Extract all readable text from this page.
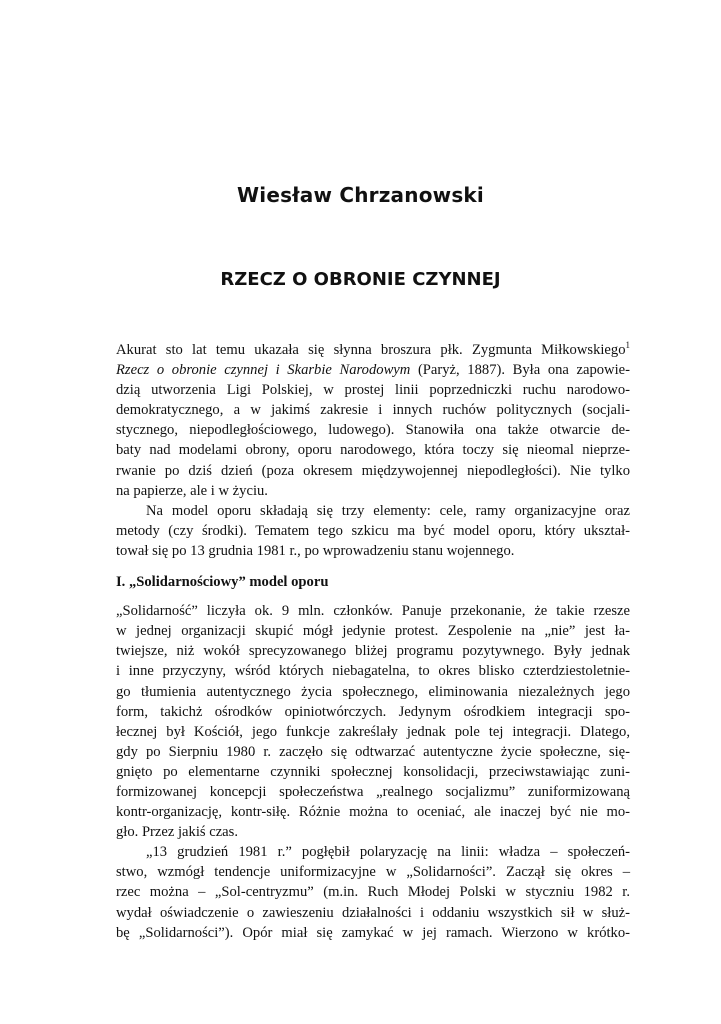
Wiesław Chrzanowski
RZECZ O OBRONIE CZYNNEJ
Akurat sto lat temu ukazała się słynna broszura płk. Zygmunta Miłkowskiego$^1$
Rzecz o obronie czynnej i Skarbie Narodowym (Paryż, 1887). Była ona zapowie-
dzią utworzenia Ligi Polskiej, w prostej linii poprzedniczki ruchu narodowo-
demokratycznego, a w jakimś zakresie i innych ruchów politycznych (socjali-
stycznego, niepodległościowego, ludowego). Stanowiła ona także otwarcie de-
baty nad modelami obrony, oporu narodowego, która toczy się nieomal nieprze-
rwanie po dziś dzień (poza okresem międzywojennej niepodległości). Nie tylko
na papierze, ale i w życiu.
Na model oporu składają się trzy elementy: cele, ramy organizacyjne oraz
metody (czy środki). Tematem tego szkicu ma być model oporu, który ukształ-
tował się po 13 grudnia 1981 r., po wprowadzeniu stanu wojennego.
I. „Solidarnościowy” model oporu
„Solidarność” liczyła ok. 9 mln. członków. Panuje przekonanie, że takie rzesze
w jednej organizacji skupić mógł jedynie protest. Zespolenie na „nie” jest ła-
twiejsze, niż wokół sprecyzowanego bliżej programu pozytywnego. Były jednak
i inne przyczyny, wśród których niebagatelna, to okres blisko czterdziestoletnie-
go tłumienia autentycznego życia społecznego, eliminowania niezależnych jego
form, takichż ośrodków opiniotwórczych. Jedynym ośrodkiem integracji spo-
łecznej był Kościół, jego funkcje zakreślały jednak pole tej integracji. Dlatego,
gdy po Sierpniu 1980 r. zaczęło się odtwarzać autentyczne życie społeczne, się-
gnięto po elementarne czynniki społecznej konsolidacji, przeciwstawiając zuni-
formizowanej koncepcji społeczeństwa „realnego socjalizmu” zuniformizowaną
kontr-organizację, kontr-siłę. Różnie można to oceniać, ale inaczej być nie mo-
gło. Przez jakiś czas.
„13 grudzień 1981 r.” pogłębił polaryzację na linii: władza – społeczeń-
stwo, wzmógł tendencje uniformizacyjne w „Solidarności”. Zaczął się okres –
rzec można – „Sol-centryzmu” (m.in. Ruch Młodej Polski w styczniu 1982 r.
wydał oświadczenie o zawieszeniu działalności i oddaniu wszystkich sił w służ-
bę „Solidarności”). Opór miał się zamykać w jej ramach. Wierzono w krótko-
